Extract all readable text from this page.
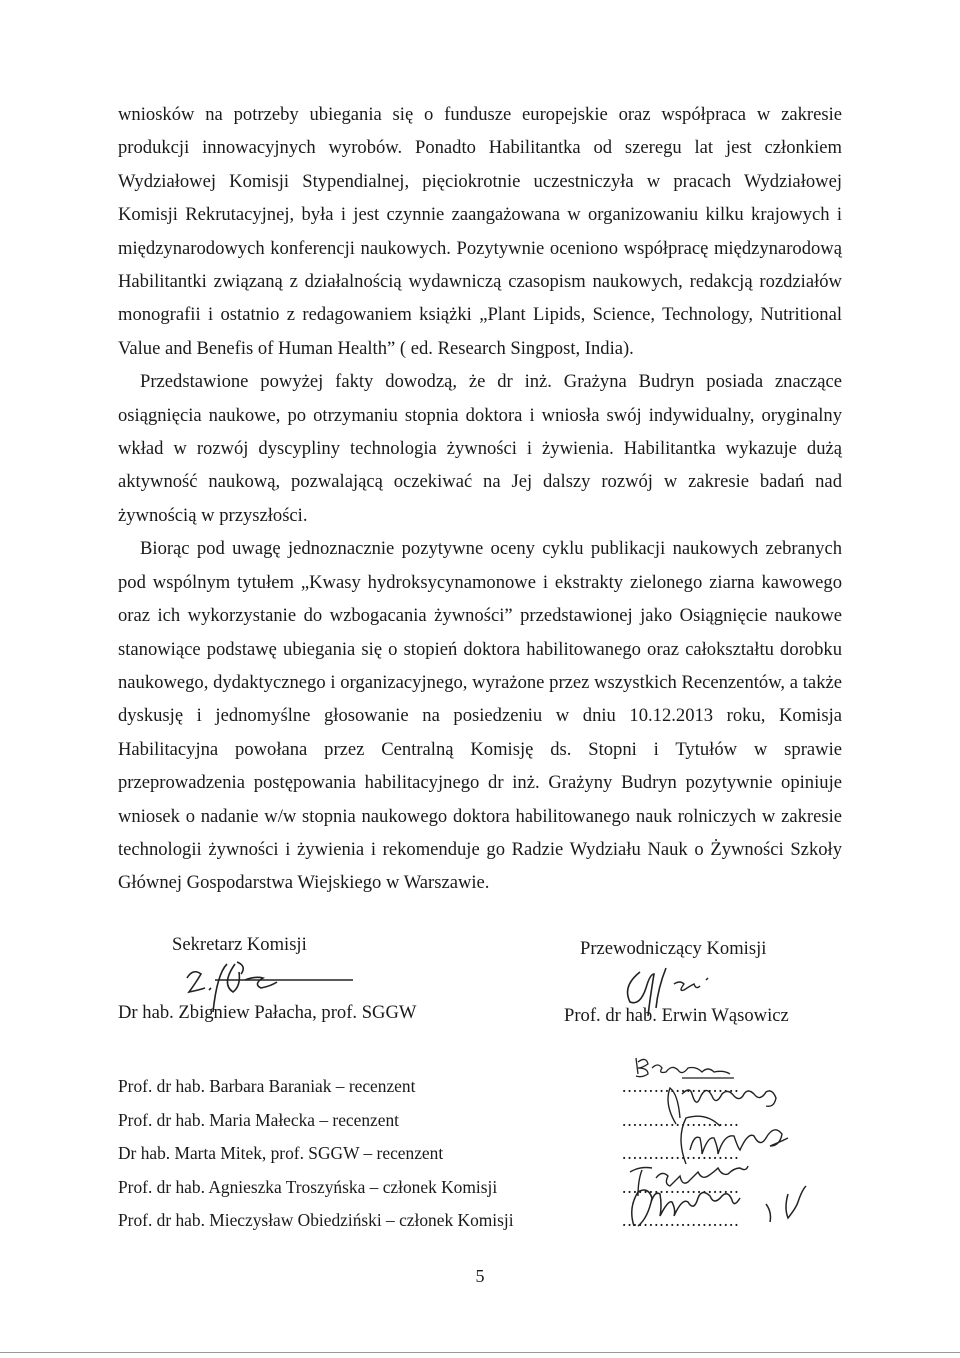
wniosków na potrzeby ubiegania się o fundusze europejskie oraz współpraca w zakresie produkcji innowacyjnych wyrobów. Ponadto Habilitantka od szeregu lat jest członkiem Wydziałowej Komisji Stypendialnej, pięciokrotnie uczestniczyła w pracach Wydziałowej Komisji Rekrutacyjnej, była i jest czynnie zaangażowana w organizowaniu kilku krajowych i międzynarodowych konferencji naukowych. Pozytywnie oceniono współpracę międzynarodową Habilitantki związaną z działalnością wydawniczą czasopism naukowych, redakcją rozdziałów monografii i ostatnio z redagowaniem książki „Plant Lipids, Science, Technology, Nutritional Value and Benefis of Human Health” ( ed. Research Singpost, India).

Przedstawione powyżej fakty dowodzą, że dr inż. Grażyna Budryn posiada znaczące osiągnięcia naukowe, po otrzymaniu stopnia doktora i wniosła swój indywidualny, oryginalny wkład w rozwój dyscypliny technologia żywności i żywienia. Habilitantka wykazuje dużą aktywność naukową, pozwalającą oczekiwać na Jej dalszy rozwój w zakresie badań nad żywnością w przyszłości.

Biorąc pod uwagę jednoznacznie pozytywne oceny cyklu publikacji naukowych zebranych pod wspólnym tytułem „Kwasy hydroksycynamonowe i ekstrakty zielonego ziarna kawowego oraz ich wykorzystanie do wzbogacania żywności” przedstawionej jako Osiągnięcie naukowe stanowiące podstawę ubiegania się o stopień doktora habilitowanego oraz całokształtu dorobku naukowego, dydaktycznego i organizacyjnego, wyrażone przez wszystkich Recenzentów, a także dyskusję i jednomyślne głosowanie na posiedzeniu w dniu 10.12.2013 roku, Komisja Habilitacyjna powołana przez Centralną Komisję ds. Stopni i Tytułów w sprawie przeprowadzenia postępowania habilitacyjnego dr inż. Grażyny Budryn pozytywnie opiniuje wniosek o nadanie w/w stopnia naukowego doktora habilitowanego nauk rolniczych w zakresie technologii żywności i żywienia i rekomenduje go Radzie Wydziału Nauk o Żywności Szkoły Głównej Gospodarstwa Wiejskiego w Warszawie.

Sekretarz Komisji
Dr hab. Zbigniew Pałacha, prof. SGGW
Przewodniczący Komisji
Prof. dr hab. Erwin Wąsowicz
Prof. dr hab. Barbara Baraniak – recenzent
Prof. dr hab. Maria Małecka – recenzent
Dr hab. Marta Mitek, prof. SGGW – recenzent
Prof. dr hab. Agnieszka Troszyńska – członek Komisji
Prof. dr hab. Mieczysław Obiedziński – członek Komisji
......................
......................
......................
......................
......................
5
